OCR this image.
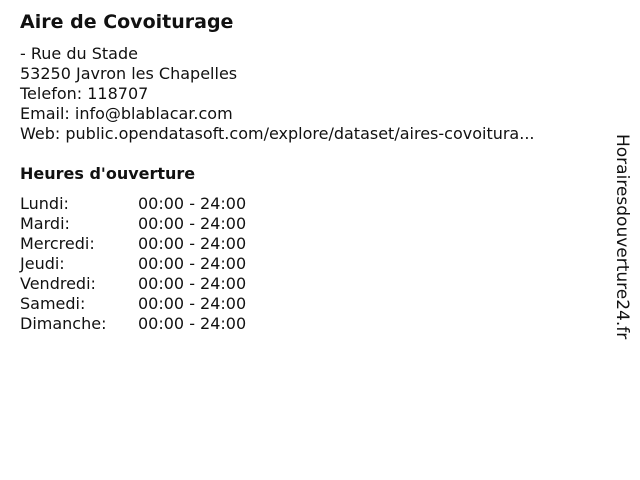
Aire de Covoiturage
- Rue du Stade
53250 Javron les Chapelles
Telefon: 118707
Email: info@blablacar.com
Web: public.opendatasoft.com/explore/dataset/aires-covoitura...
Heures d'ouverture
Lundi:	00:00 - 24:00
Mardi:	00:00 - 24:00
Mercredi:	00:00 - 24:00
Jeudi:	00:00 - 24:00
Vendredi:	00:00 - 24:00
Samedi:	00:00 - 24:00
Dimanche:	00:00 - 24:00	Horairesdouverture24.fr
